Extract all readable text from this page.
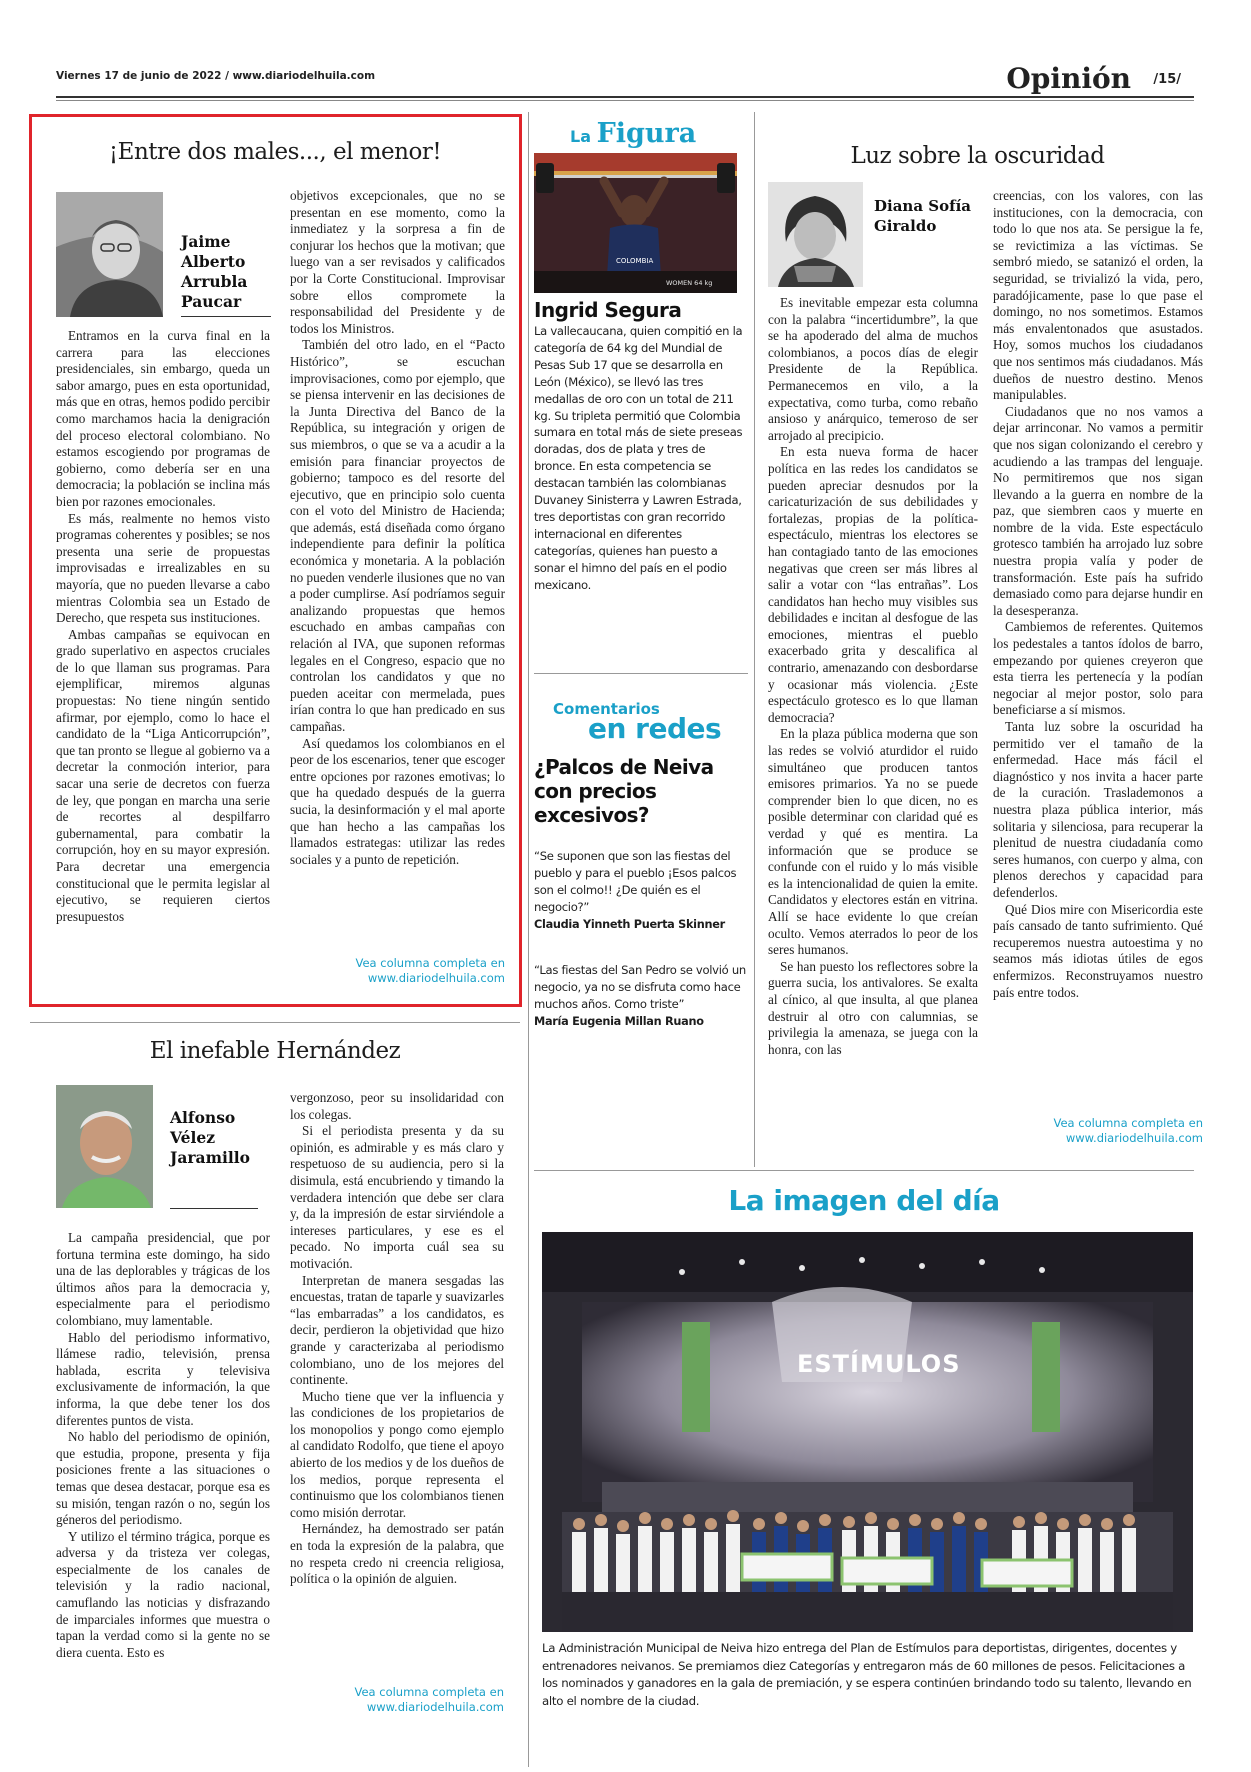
Viernes 17 de junio de 2022 / www.diariodelhuila.com	Opinión /15/
¡Entre dos males..., el menor!
Jaime
Alberto
Arrubla
Paucar

Entramos en la curva final en la carrera para las elecciones presidenciales, sin embargo, queda un sabor amargo, pues en esta oportunidad, más que en otras, hemos podido percibir como marchamos hacia la denigración del proceso electoral colombiano. No estamos escogiendo por programas de gobierno, como debería ser en una democracia; la población se inclina más bien por razones emocionales.

Es más, realmente no hemos visto programas coherentes y posibles; se nos presenta una serie de propuestas improvisadas e irrealizables en su mayoría, que no pueden llevarse a cabo mientras Colombia sea un Estado de Derecho, que respeta sus instituciones.

Ambas campañas se equivocan en grado superlativo en aspectos cruciales de lo que llaman sus programas. Para ejemplificar, miremos algunas propuestas: No tiene ningún sentido afirmar, por ejemplo, como lo hace el candidato de la “Liga Anticorrupción”, que tan pronto se llegue al gobierno va a decretar la conmoción interior, para sacar una serie de decretos con fuerza de ley, que pongan en marcha una serie de recortes al despilfarro gubernamental, para combatir la corrupción, hoy en su mayor expresión. Para decretar una emergencia constitucional que le permita legislar al ejecutivo, se requieren ciertos presupuestos

objetivos excepcionales, que no se presentan en ese momento, como la inmediatez y la sorpresa a fin de conjurar los hechos que la motivan; que luego van a ser revisados y calificados por la Corte Constitucional. Improvisar sobre ellos compromete la responsabilidad del Presidente y de todos los Ministros.

También del otro lado, en el “Pacto Histórico”, se escuchan improvisaciones, como por ejemplo, que se piensa intervenir en las decisiones de la Junta Directiva del Banco de la República, su integración y origen de sus miembros, o que se va a acudir a la emisión para financiar proyectos de gobierno; tampoco es del resorte del ejecutivo, que en principio solo cuenta con el voto del Ministro de Hacienda; que además, está diseñada como órgano independiente para definir la política económica y monetaria. A la población no pueden venderle ilusiones que no van a poder cumplirse. Así podríamos seguir analizando propuestas que hemos escuchado en ambas campañas con relación al IVA, que suponen reformas legales en el Congreso, espacio que no controlan los candidatos y que no pueden aceitar con mermelada, pues irían contra lo que han predicado en sus campañas.

Así quedamos los colombianos en el peor de los escenarios, tener que escoger entre opciones por razones emotivas; lo que ha quedado después de la guerra sucia, la desinformación y el mal aporte que han hecho a las campañas los llamados estrategas: utilizar las redes sociales y a punto de repetición.

Vea columna completa en
www.diariodelhuila.com
El inefable Hernández
Alfonso
Vélez
Jaramillo

La campaña presidencial, que por fortuna termina este domingo, ha sido una de las deplorables y trágicas de los últimos años para la democracia y, especialmente para el periodismo colombiano, muy lamentable.

Hablo del periodismo informativo, llámese radio, televisión, prensa hablada, escrita y televisiva exclusivamente de información, la que informa, la que debe tener los dos diferentes puntos de vista.

No hablo del periodismo de opinión, que estudia, propone, presenta y fija posiciones frente a las situaciones o temas que desea destacar, porque esa es su misión, tengan razón o no, según los géneros del periodismo.

Y utilizo el término trágica, porque es adversa y da tristeza ver colegas, especialmente de los canales de televisión y la radio nacional, camuflando las noticias y disfrazando de imparciales informes que muestra o tapan la verdad como si la gente no se diera cuenta. Esto es

vergonzoso, peor su insolidaridad con los colegas.

Si el periodista presenta y da su opinión, es admirable y es más claro y respetuoso de su audiencia, pero si la disimula, está encubriendo y timando la verdadera intención que debe ser clara y, da la impresión de estar sirviéndole a intereses particulares, y ese es el pecado. No importa cuál sea su motivación.

Interpretan de manera sesgadas las encuestas, tratan de taparle y suavizarles “las embarradas” a los candidatos, es decir, perdieron la objetividad que hizo grande y caracterizaba al periodismo colombiano, uno de los mejores del continente.

Mucho tiene que ver la influencia y las condiciones de los propietarios de los monopolios y pongo como ejemplo al candidato Rodolfo, que tiene el apoyo abierto de los medios y de los dueños de los medios, porque representa el continuismo que los colombianos tienen como misión derrotar.

Hernández, ha demostrado ser patán en toda la expresión de la palabra, que no respeta credo ni creencia religiosa, política o la opinión de alguien.

Vea columna completa en
www.diariodelhuila.com
La Figura
COLOMBIA
WOMEN 64 kg
Ingrid Segura

La vallecaucana, quien compitió en la categoría de 64 kg del Mundial de Pesas Sub 17 que se desarrolla en León (México), se llevó las tres medallas de oro con un total de 211 kg. Su tripleta permitió que Colombia sumara en total más de siete preseas doradas, dos de plata y tres de bronce. En esta competencia se destacan también las colombianas Duvaney Sinisterra y Lawren Estrada, tres deportistas con gran recorrido internacional en diferentes categorías, quienes han puesto a sonar el himno del país en el podio mexicano.

Comentarios
en redes
¿Palcos de Neiva con precios excesivos?
“Se suponen que son las fiestas del pueblo y para el pueblo ¡Esos palcos son el colmo!! ¿De quién es el negocio?”
Claudia Yinneth Puerta Skinner
“Las fiestas del San Pedro se volvió un negocio, ya no se disfruta como hace muchos años. Como triste”
María Eugenia Millan Ruano
Luz sobre la oscuridad
Diana Sofía
Giraldo

Es inevitable empezar esta columna con la palabra “incertidumbre”, la que se ha apoderado del alma de muchos colombianos, a pocos días de elegir Presidente de la República. Permanecemos en vilo, a la expectativa, como turba, como rebaño ansioso y anárquico, temeroso de ser arrojado al precipicio.

En esta nueva forma de hacer política en las redes los candidatos se pueden apreciar desnudos por la caricaturización de sus debilidades y fortalezas, propias de la política-espectáculo, mientras los electores se han contagiado tanto de las emociones negativas que creen ser más libres al salir a votar con “las entrañas”. Los candidatos han hecho muy visibles sus debilidades e incitan al desfogue de las emociones, mientras el pueblo exacerbado grita y descalifica al contrario, amenazando con desbordarse y ocasionar más violencia. ¿Este espectáculo grotesco es lo que llaman democracia?

En la plaza pública moderna que son las redes se volvió aturdidor el ruido simultáneo que producen tantos emisores primarios. Ya no se puede comprender bien lo que dicen, no es posible determinar con claridad qué es verdad y qué es mentira. La información que se produce se confunde con el ruido y lo más visible es la intencionalidad de quien la emite. Candidatos y electores están en vitrina. Allí se hace evidente lo que creían oculto. Vemos aterrados lo peor de los seres humanos.

Se han puesto los reflectores sobre la guerra sucia, los antivalores. Se exalta al cínico, al que insulta, al que planea destruir al otro con calumnias, se privilegia la amenaza, se juega con la honra, con las

creencias, con los valores, con las instituciones, con la democracia, con todo lo que nos ata. Se persigue la fe, se revictimiza a las víctimas. Se sembró miedo, se satanizó el orden, la seguridad, se trivializó la vida, pero, paradójicamente, pase lo que pase el domingo, no nos sometimos. Estamos más envalentonados que asustados. Hoy, somos muchos los ciudadanos que nos sentimos más ciudadanos. Más dueños de nuestro destino. Menos manipulables.

Ciudadanos que no nos vamos a dejar arrinconar. No vamos a permitir que nos sigan colonizando el cerebro y acudiendo a las trampas del lenguaje. No permitiremos que nos sigan llevando a la guerra en nombre de la paz, que siembren caos y muerte en nombre de la vida. Este espectáculo grotesco también ha arrojado luz sobre nuestra propia valía y poder de transformación. Este país ha sufrido demasiado como para dejarse hundir en la desesperanza.

Cambiemos de referentes. Quitemos los pedestales a tantos ídolos de barro, empezando por quienes creyeron que esta tierra les pertenecía y la podían negociar al mejor postor, solo para beneficiarse a sí mismos.

Tanta luz sobre la oscuridad ha permitido ver el tamaño de la enfermedad. Hace más fácil el diagnóstico y nos invita a hacer parte de la curación. Traslademonos a nuestra plaza pública interior, más solitaria y silenciosa, para recuperar la plenitud de nuestra ciudadanía como seres humanos, con cuerpo y alma, con plenos derechos y capacidad para defenderlos.

Qué Dios mire con Misericordia este país cansado de tanto sufrimiento. Qué recuperemos nuestra autoestima y no seamos más idiotas útiles de egos enfermizos. Reconstruyamos nuestro país entre todos.

Vea columna completa en
www.diariodelhuila.com
La imagen del día
ESTÍMULOS

La Administración Municipal de Neiva hizo entrega del Plan de Estímulos para deportistas, dirigentes, docentes y entrenadores neivanos. Se premiamos diez Categorías y entregaron más de 60 millones de pesos. Felicitaciones a los nominados y ganadores en la gala de premiación, y se espera continúen brindando todo su talento, llevando en alto el nombre de la ciudad.
